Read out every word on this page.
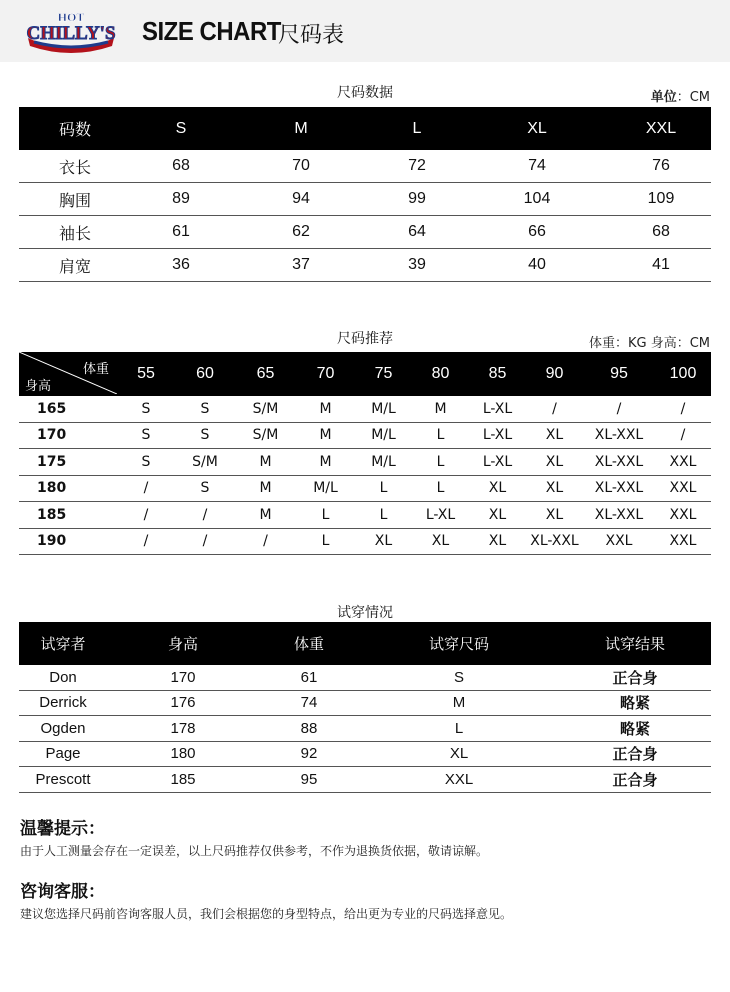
HOT
CHILLY'S SIZE CHART
尺码表
尺码数据	单位：CM
码数	S	M	L	XL	XXL
衣长	68	70	72	74	76
胸围	89	94	99	104	109
袖长	61	62	64	66	68
肩宽	36	37	39	40	41
尺码推荐	体重：KG 身高：CM
体重
身高	55	60	65	70	75	80	85	90	95	100
165	S	S	S/M	M	M/L	M	L-XL	/	/	/
170	S	S	S/M	M	M/L	L	L-XL	XL	XL-XXL	/
175	S	S/M	M	M	M/L	L	L-XL	XL	XL-XXL	XXL
180	/	S	M	M/L	L	L	XL	XL	XL-XXL	XXL
185	/	/	M	L	L	L-XL	XL	XL	XL-XXL	XXL
190	/	/	/	L	XL	XL	XL	XL-XXL	XXL	XXL
试穿情况
试穿者	身高	体重	试穿尺码	试穿结果
Don	170	61	S	正合身
Derrick	176	74	M	略紧
Ogden	178	88	L	略紧
Page	180	92	XL	正合身
Prescott	185	95	XXL	正合身
温馨提示：
由于人工测量会存在一定误差，以上尺码推荐仅供参考，不作为退换货依据，敬请谅解。
咨询客服：
建议您选择尺码前咨询客服人员，我们会根据您的身型特点，给出更为专业的尺码选择意见。
